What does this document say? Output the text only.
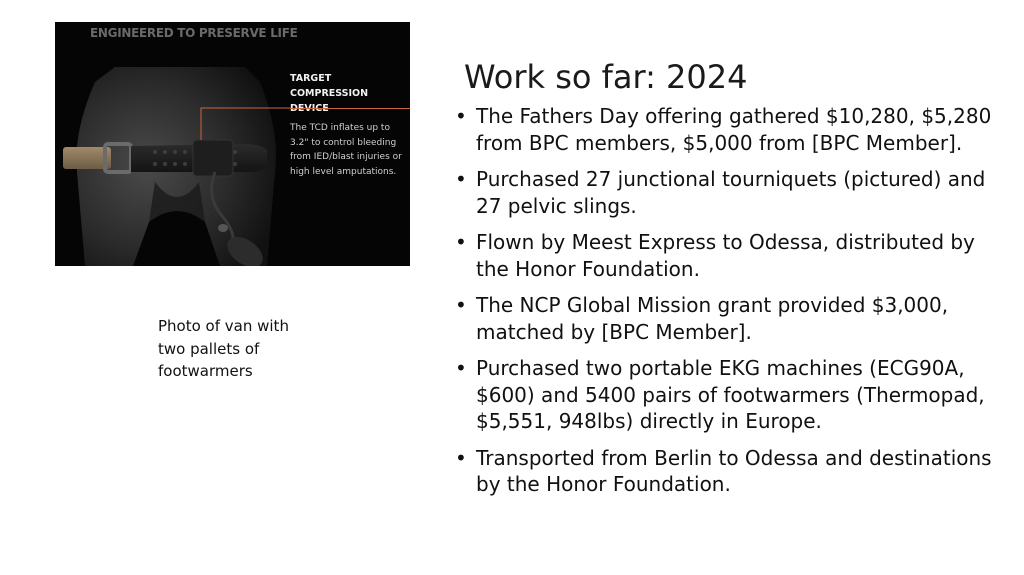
ENGINEERED TO PRESERVE LIFE
TARGET COMPRESSION
The TCD inflates up to 3.2" to control bleeding from IED/blast injuries or high level amputations.
Photo of van with two pallets of footwarmers
Work so far: 2024
• The Fathers Day offering gathered $10,280, $5,280 from BPC members, $5,000 from [BPC Member].
• Purchased 27 junctional tourniquets (pictured) and 27 pelvic slings.
• Flown by Meest Express to Odessa, distributed by the Honor Foundation.
• The NCP Global Mission grant provided $3,000, matched by [BPC Member].
• Purchased two portable EKG machines (ECG90A, $600) and 5400 pairs of footwarmers (Thermopad, $5,551, 948lbs) directly in Europe.
• Transported from Berlin to Odessa and destinations by the Honor Foundation.
